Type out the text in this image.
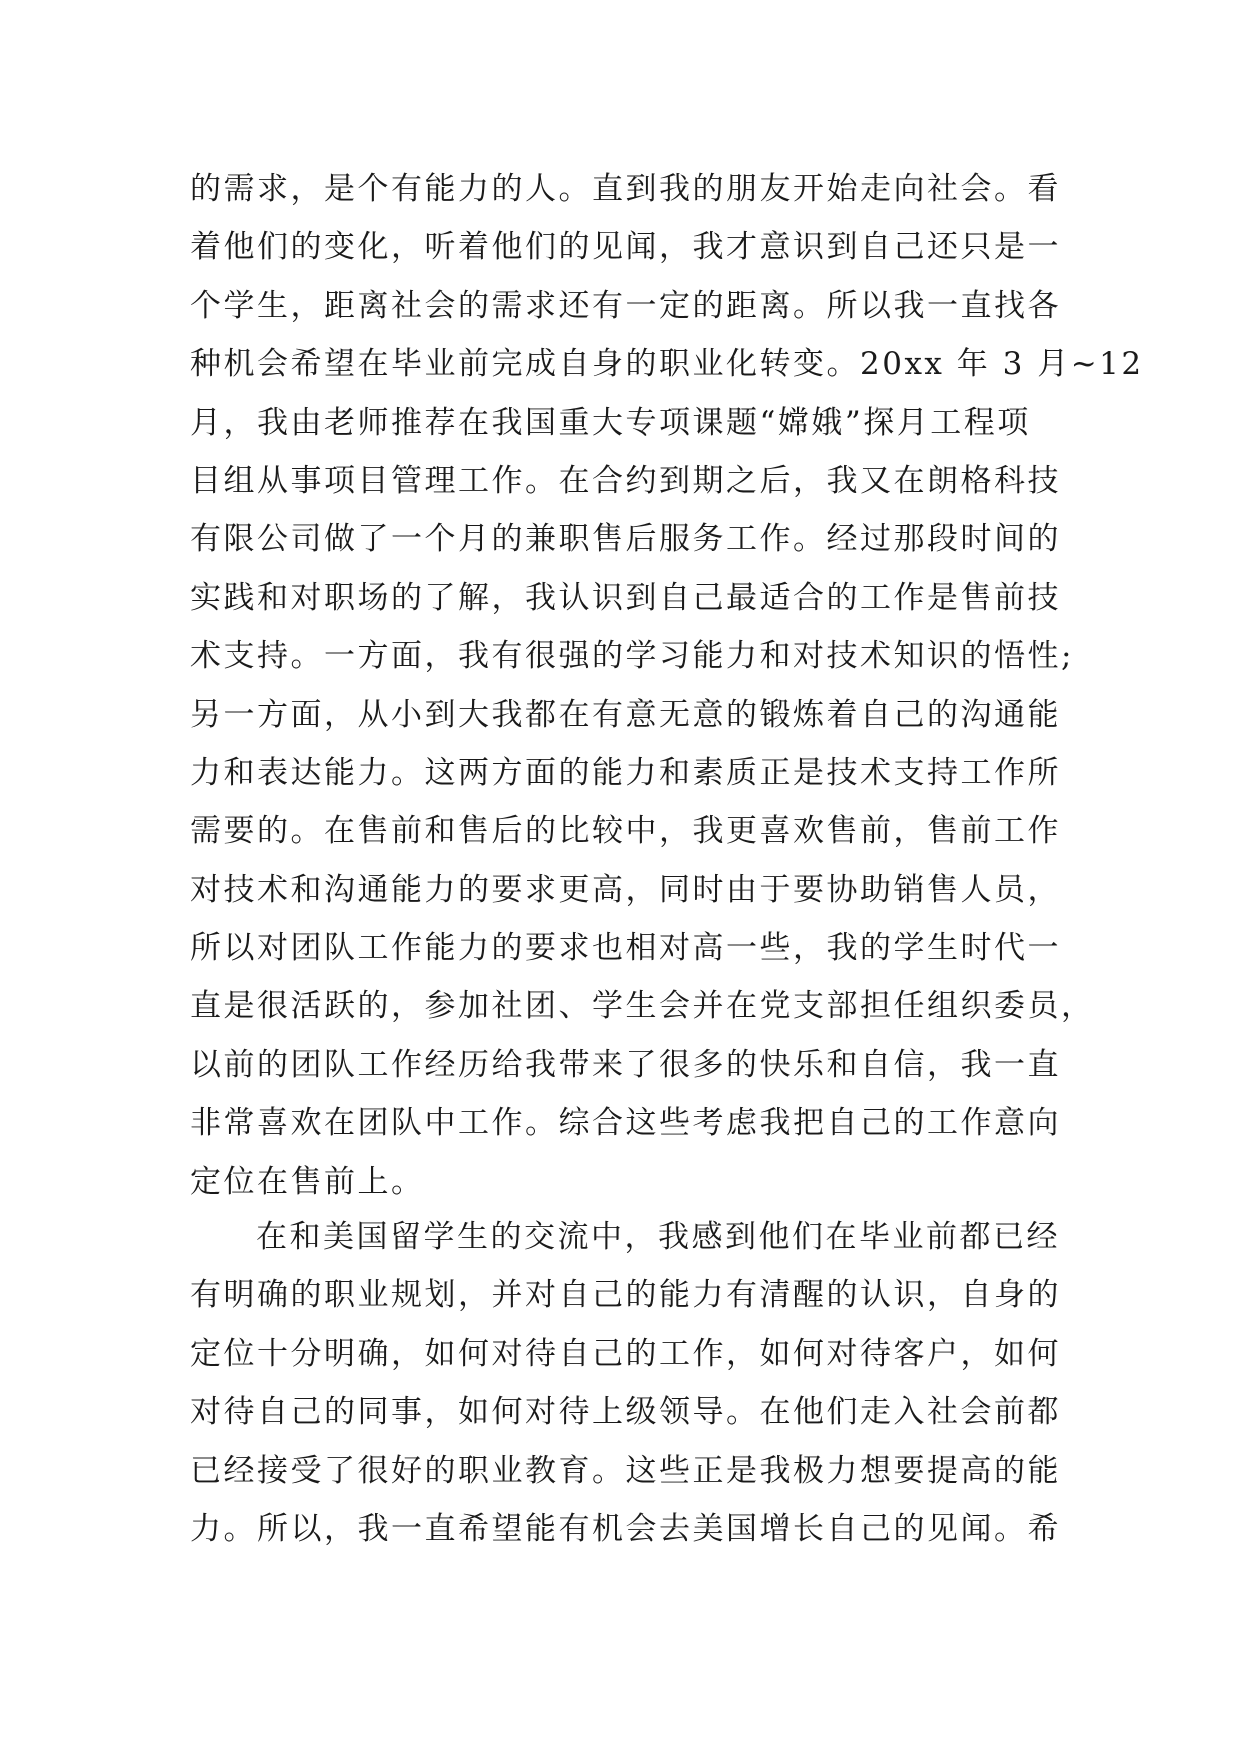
的需求，是个有能力的人。直到我的朋友开始走向社会。看
着他们的变化，听着他们的见闻，我才意识到自己还只是一
个学生，距离社会的需求还有一定的距离。所以我一直找各
种机会希望在毕业前完成自身的职业化转变。20xx 年 3 月~12
月，我由老师推荐在我国重大专项课题“嫦娥”探月工程项
目组从事项目管理工作。在合约到期之后，我又在朗格科技
有限公司做了一个月的兼职售后服务工作。经过那段时间的
实践和对职场的了解，我认识到自己最适合的工作是售前技
术支持。一方面，我有很强的学习能力和对技术知识的悟性;
另一方面，从小到大我都在有意无意的锻炼着自己的沟通能
力和表达能力。这两方面的能力和素质正是技术支持工作所
需要的。在售前和售后的比较中，我更喜欢售前，售前工作
对技术和沟通能力的要求更高，同时由于要协助销售人员，
所以对团队工作能力的要求也相对高一些，我的学生时代一
直是很活跃的，参加社团、学生会并在党支部担任组织委员，
以前的团队工作经历给我带来了很多的快乐和自信，我一直
非常喜欢在团队中工作。综合这些考虑我把自己的工作意向
定位在售前上。
在和美国留学生的交流中，我感到他们在毕业前都已经
有明确的职业规划，并对自己的能力有清醒的认识，自身的
定位十分明确，如何对待自己的工作，如何对待客户，如何
对待自己的同事，如何对待上级领导。在他们走入社会前都
已经接受了很好的职业教育。这些正是我极力想要提高的能
力。所以，我一直希望能有机会去美国增长自己的见闻。希
